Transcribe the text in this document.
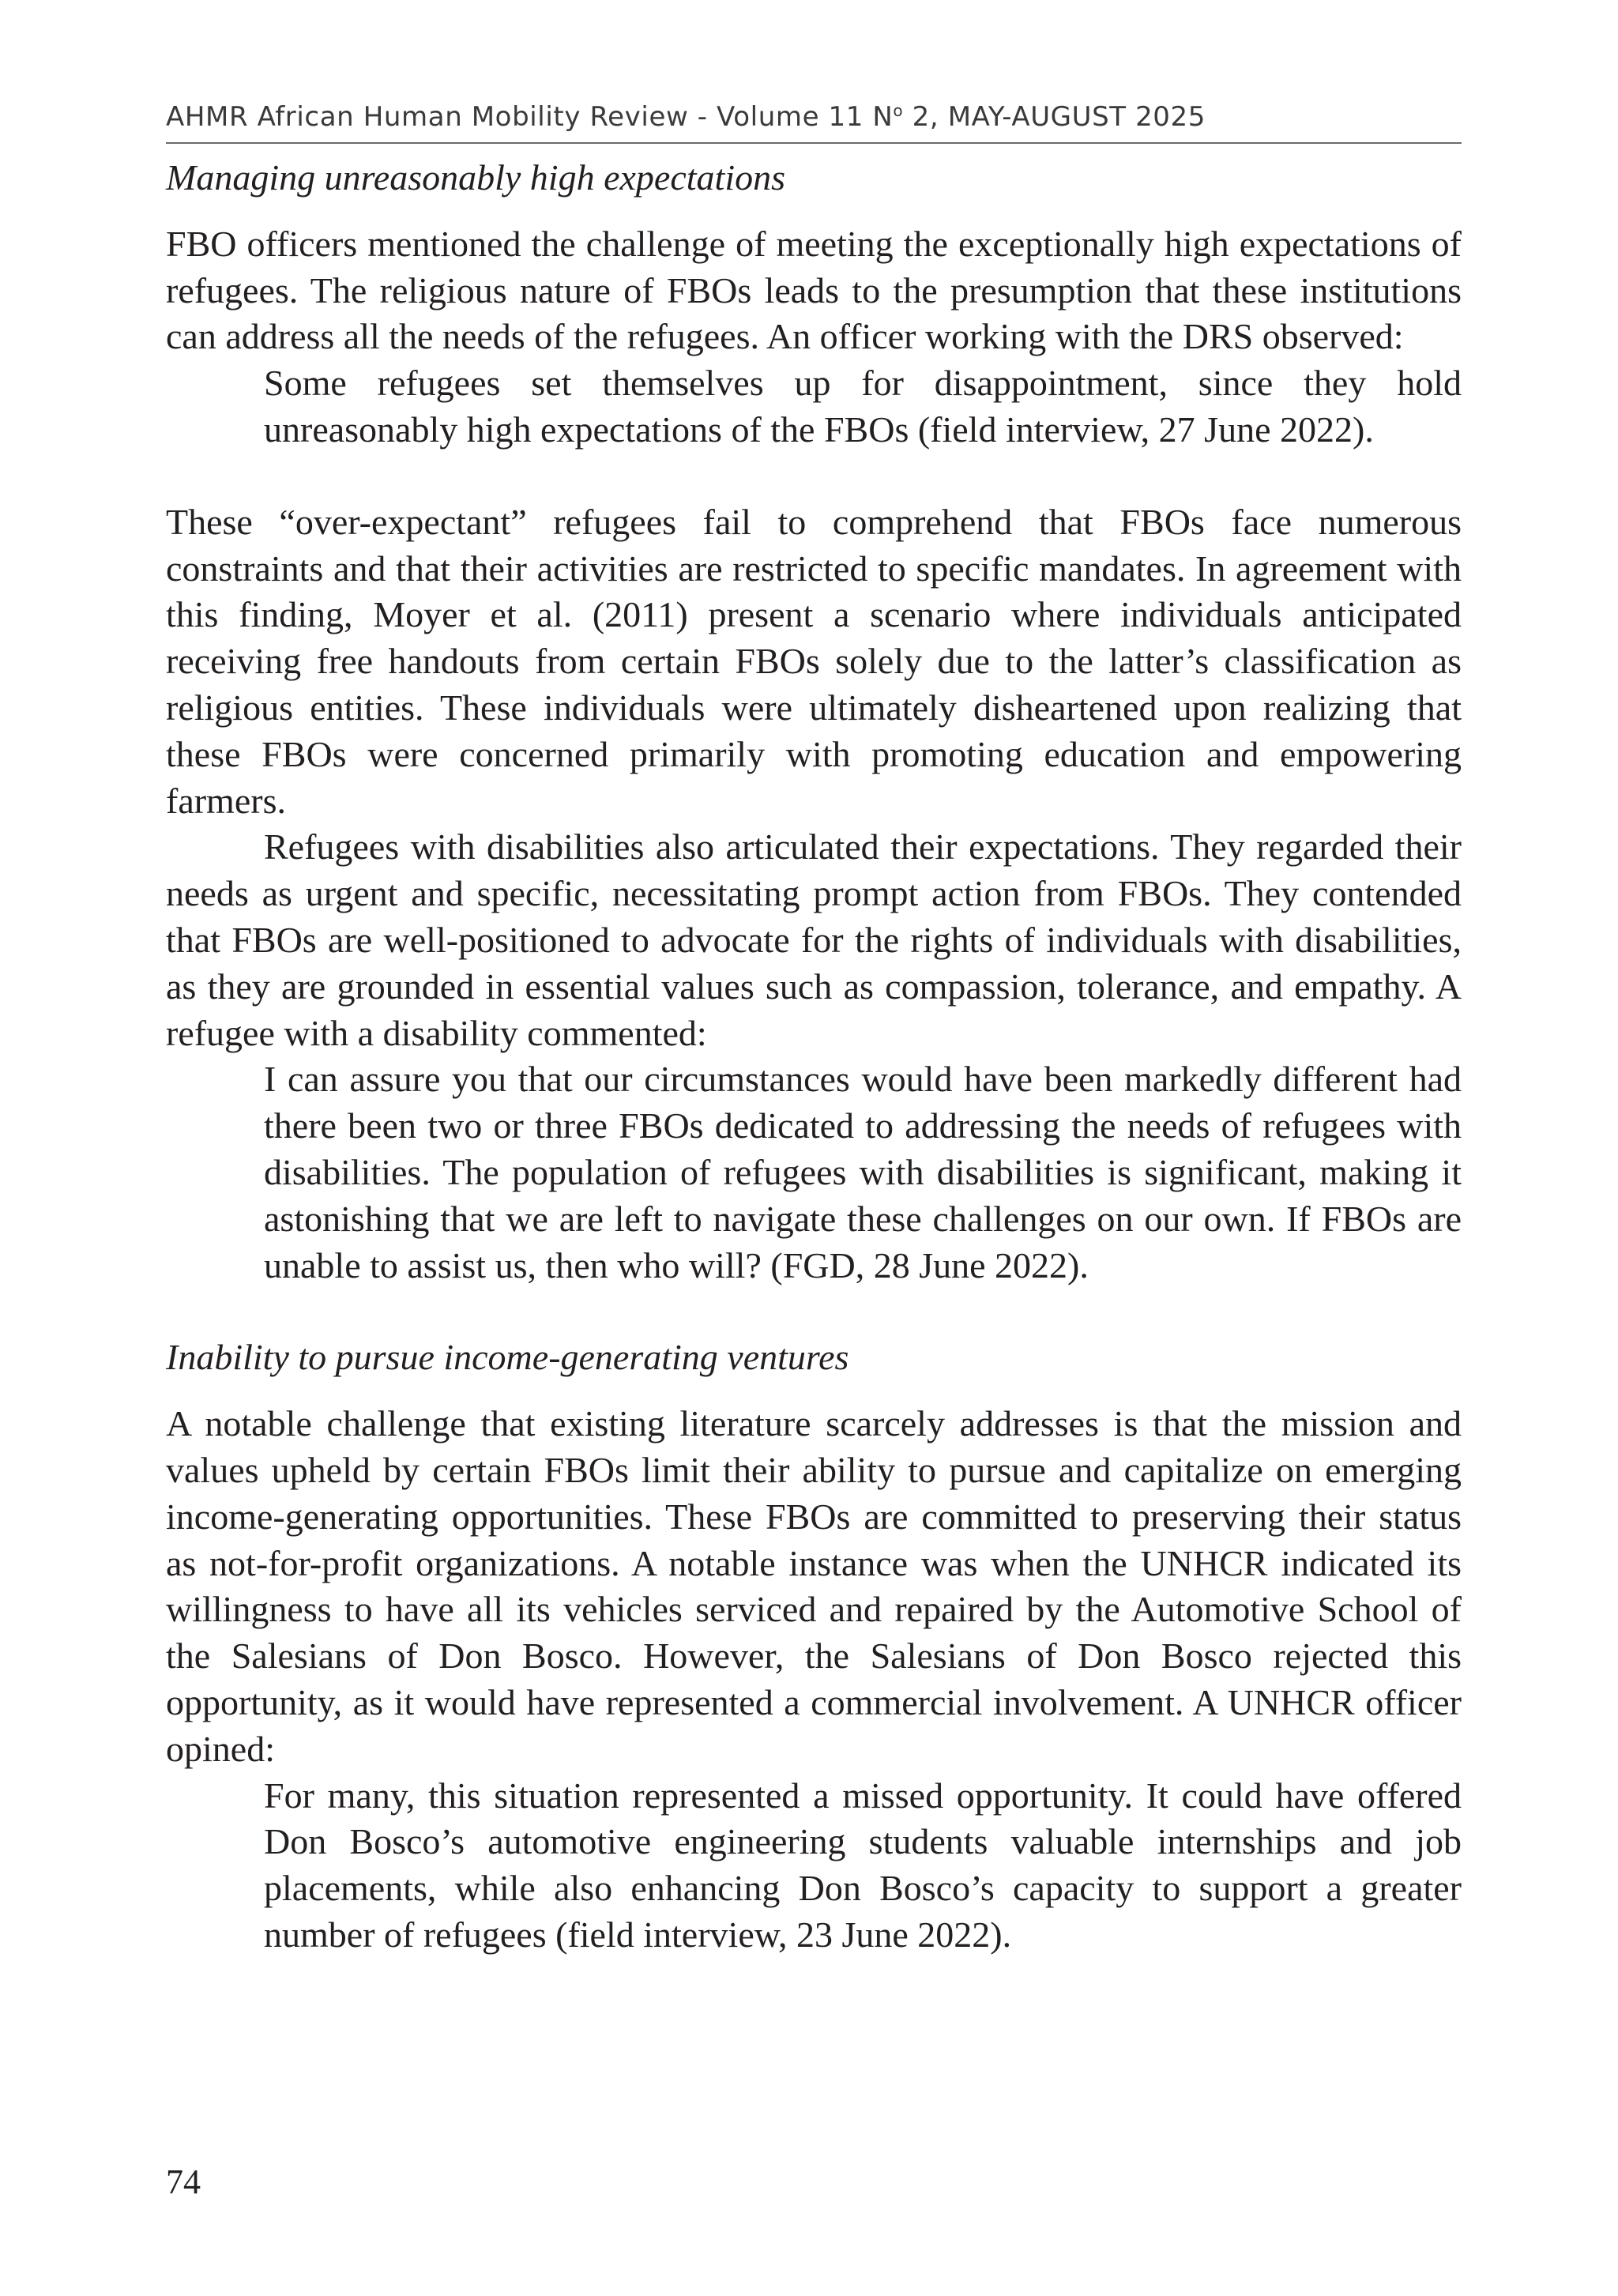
AHMR African Human Mobility Review - Volume 11 $N^o$ 2, MAY-AUGUST 2025
Managing unreasonably high expectations

FBO officers mentioned the challenge of meeting the exceptionally high expectations of refugees. The religious nature of FBOs leads to the presumption that these institutions can address all the needs of the refugees. An officer working with the DRS observed:

Some refugees set themselves up for disappointment, since they hold unreasonably high expectations of the FBOs (field interview, 27 June 2022).

These “over-expectant” refugees fail to comprehend that FBOs face numerous constraints and that their activities are restricted to specific mandates. In agreement with this finding, Moyer et al. (2011) present a scenario where individuals anticipated receiving free handouts from certain FBOs solely due to the latter’s classification as religious entities. These individuals were ultimately disheartened upon realizing that these FBOs were concerned primarily with promoting education and empowering farmers.

Refugees with disabilities also articulated their expectations. They regarded their needs as urgent and specific, necessitating prompt action from FBOs. They contended that FBOs are well-positioned to advocate for the rights of individuals with disabilities, as they are grounded in essential values such as compassion, tolerance, and empathy. A refugee with a disability commented:

I can assure you that our circumstances would have been markedly different had there been two or three FBOs dedicated to addressing the needs of refugees with disabilities. The population of refugees with disabilities is significant, making it astonishing that we are left to navigate these challenges on our own. If FBOs are unable to assist us, then who will? (FGD, 28 June 2022).

Inability to pursue income-generating ventures

A notable challenge that existing literature scarcely addresses is that the mission and values upheld by certain FBOs limit their ability to pursue and capitalize on emerging income-generating opportunities. These FBOs are committed to preserving their status as not-for-profit organizations. A notable instance was when the UNHCR indicated its willingness to have all its vehicles serviced and repaired by the Automotive School of the Salesians of Don Bosco. However, the Salesians of Don Bosco rejected this opportunity, as it would have represented a commercial involvement. A UNHCR officer opined:

For many, this situation represented a missed opportunity. It could have offered Don Bosco’s automotive engineering students valuable internships and job placements, while also enhancing Don Bosco’s capacity to support a greater number of refugees (field interview, 23 June 2022).

74
